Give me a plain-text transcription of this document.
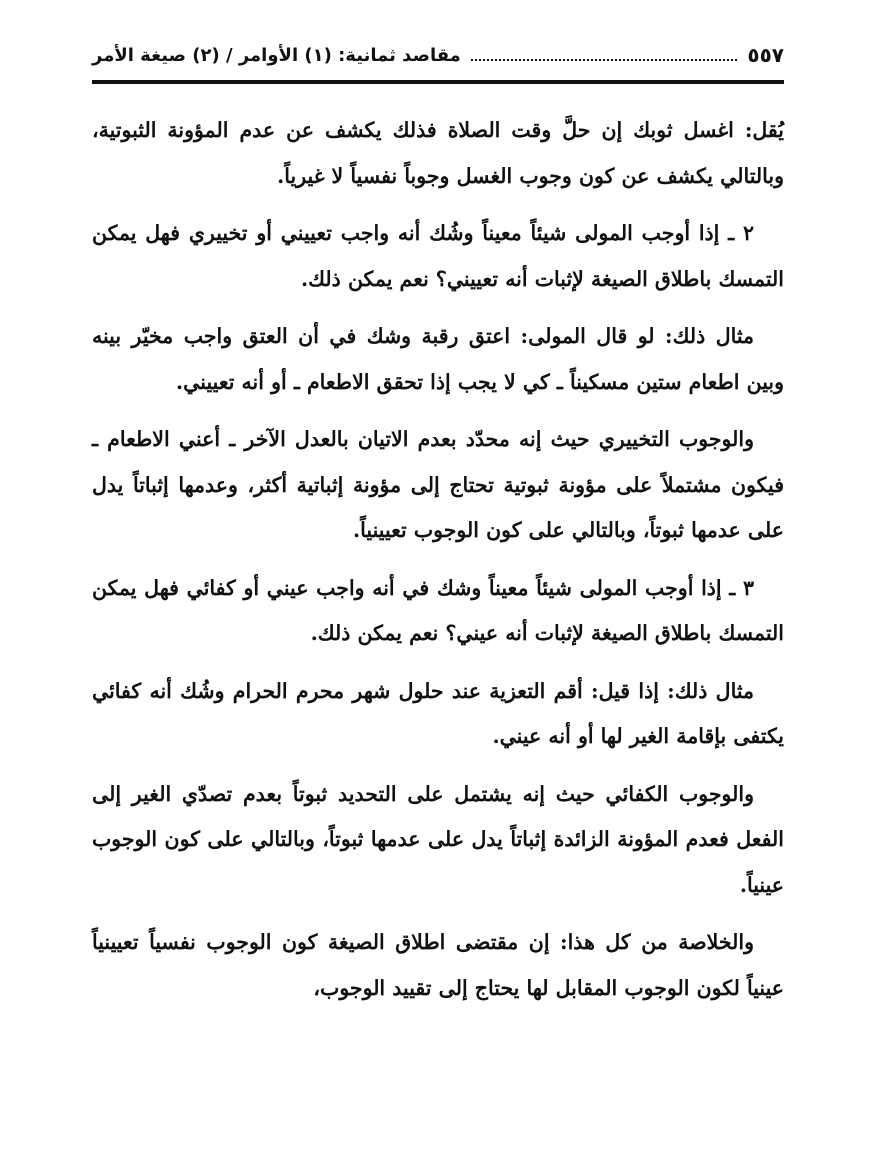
٥٥٧
مقاصد ثمانية: (١) الأوامر / (٢) صيغة الأمر

يُقل: اغسل ثوبك إن حلَّ وقت الصلاة فذلك يكشف عن عدم المؤونة الثبوتية، وبالتالي يكشف عن كون وجوب الغسل وجوباً نفسياً لا غيرياً.

٢ ـ إذا أوجب المولى شيئاً معيناً وشُك أنه واجب تعييني أو تخييري فهل يمكن التمسك باطلاق الصيغة لإثبات أنه تعييني؟ نعم يمكن ذلك.

مثال ذلك: لو قال المولى: اعتق رقبة وشك في أن العتق واجب مخيّر بينه وبين اطعام ستين مسكيناً ـ كي لا يجب إذا تحقق الاطعام ـ أو أنه تعييني.

والوجوب التخييري حيث إنه محدّد بعدم الاتيان بالعدل الآخر ـ أعني الاطعام ـ فيكون مشتملاً على مؤونة ثبوتية تحتاج إلى مؤونة إثباتية أكثر، وعدمها إثباتاً يدل على عدمها ثبوتاً، وبالتالي على كون الوجوب تعيينياً.

٣ ـ إذا أوجب المولى شيئاً معيناً وشك في أنه واجب عيني أو كفائي فهل يمكن التمسك باطلاق الصيغة لإثبات أنه عيني؟ نعم يمكن ذلك.

مثال ذلك: إذا قيل: أقم التعزية عند حلول شهر محرم الحرام وشُك أنه كفائي يكتفى بإقامة الغير لها أو أنه عيني.

والوجوب الكفائي حيث إنه يشتمل على التحديد ثبوتاً بعدم تصدّي الغير إلى الفعل فعدم المؤونة الزائدة إثباتاً يدل على عدمها ثبوتاً، وبالتالي على كون الوجوب عينياً.

والخلاصة من كل هذا: إن مقتضى اطلاق الصيغة كون الوجوب نفسياً تعيينياً عينياً لكون الوجوب المقابل لها يحتاج إلى تقييد الوجوب،
